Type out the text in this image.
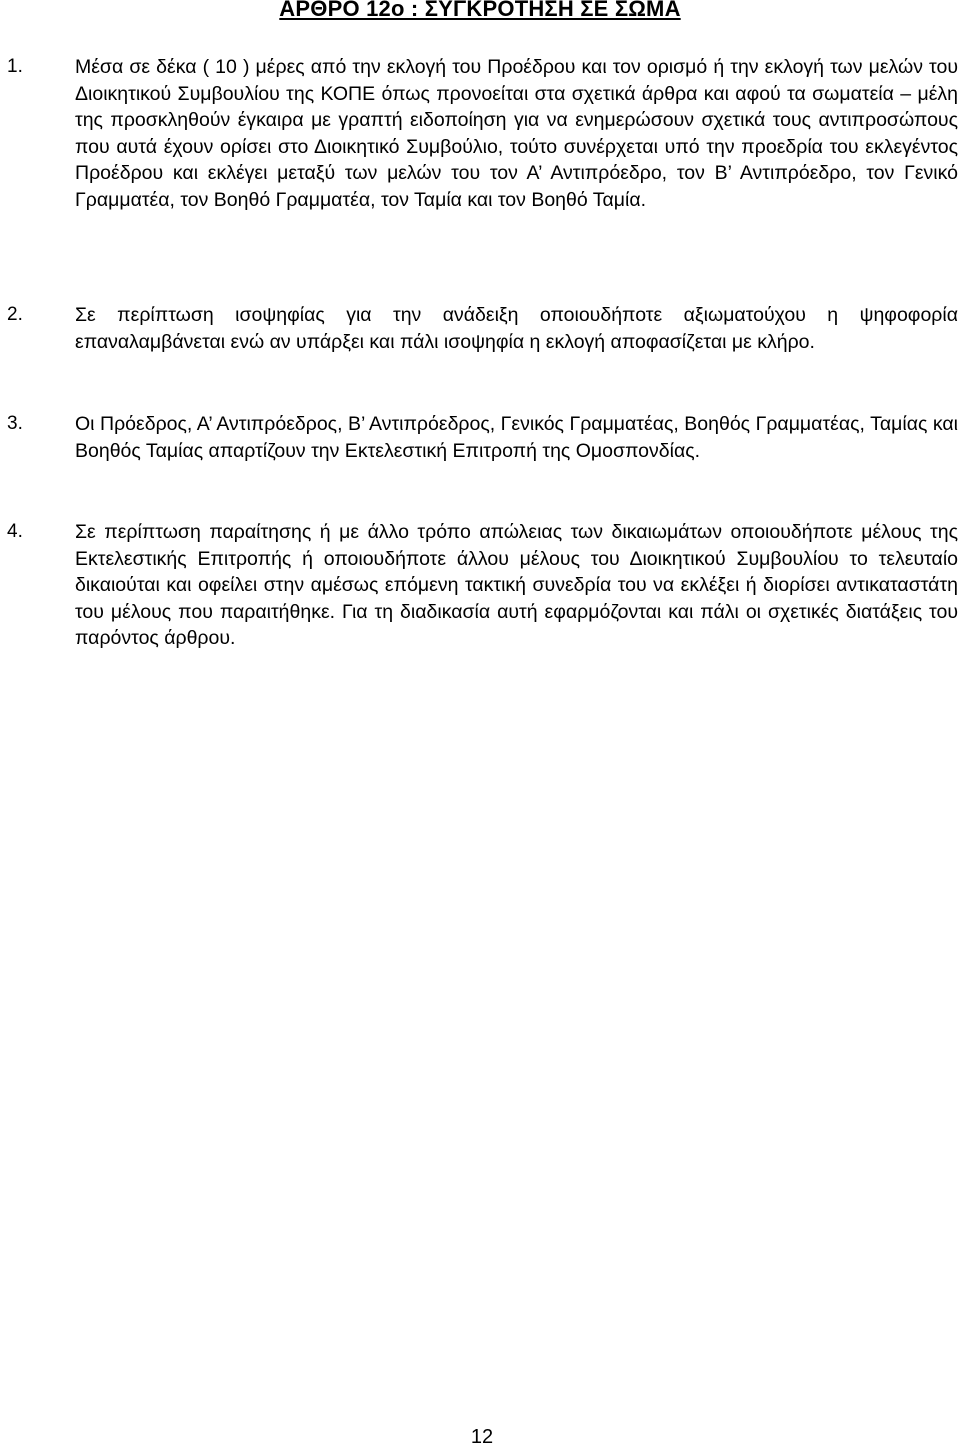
ΑΡΘΡΟ 12ο : ΣΥΓΚΡΟΤΗΣΗ ΣΕ ΣΩΜΑ
1.	Μέσα σε δέκα ( 10 ) μέρες από την εκλογή του Προέδρου και τον ορισμό ή την εκλογή των μελών του Διοικητικού Συμβουλίου της ΚΟΠΕ όπως προνοείται στα σχετικά άρθρα και αφού τα σωματεία – μέλη της προσκληθούν έγκαιρα με γραπτή ειδοποίηση για να ενημερώσουν σχετικά τους αντιπροσώπους που αυτά έχουν ορίσει στο Διοικητικό Συμβούλιο, τούτο συνέρχεται υπό την προεδρία του εκλεγέντος Προέδρου και εκλέγει μεταξύ των μελών του τον Α’ Αντιπρόεδρο, τον Β’ Αντιπρόεδρο, τον Γενικό Γραμματέα, τον Βοηθό Γραμματέα, τον Ταμία και τον Βοηθό Ταμία.
2.	Σε περίπτωση ισοψηφίας για την ανάδειξη οποιουδήποτε αξιωματούχου η ψηφοφορία επαναλαμβάνεται ενώ αν υπάρξει και πάλι ισοψηφία η εκλογή αποφασίζεται με κλήρο.
3.	Οι Πρόεδρος, Α’ Αντιπρόεδρος, Β’ Αντιπρόεδρος, Γενικός Γραμματέας, Βοηθός Γραμματέας, Ταμίας και Βοηθός Ταμίας απαρτίζουν την Εκτελεστική Επιτροπή της Ομοσπονδίας.
4.	Σε περίπτωση παραίτησης ή με άλλο τρόπο απώλειας των δικαιωμάτων οποιουδήποτε μέλους της Εκτελεστικής Επιτροπής ή οποιουδήποτε άλλου μέλους του Διοικητικού Συμβουλίου το τελευταίο δικαιούται και οφείλει στην αμέσως επόμενη τακτική συνεδρία του να εκλέξει ή διορίσει αντικαταστάτη του μέλους που παραιτήθηκε. Για τη διαδικασία αυτή εφαρμόζονται και πάλι οι σχετικές διατάξεις του παρόντος άρθρου.
12
